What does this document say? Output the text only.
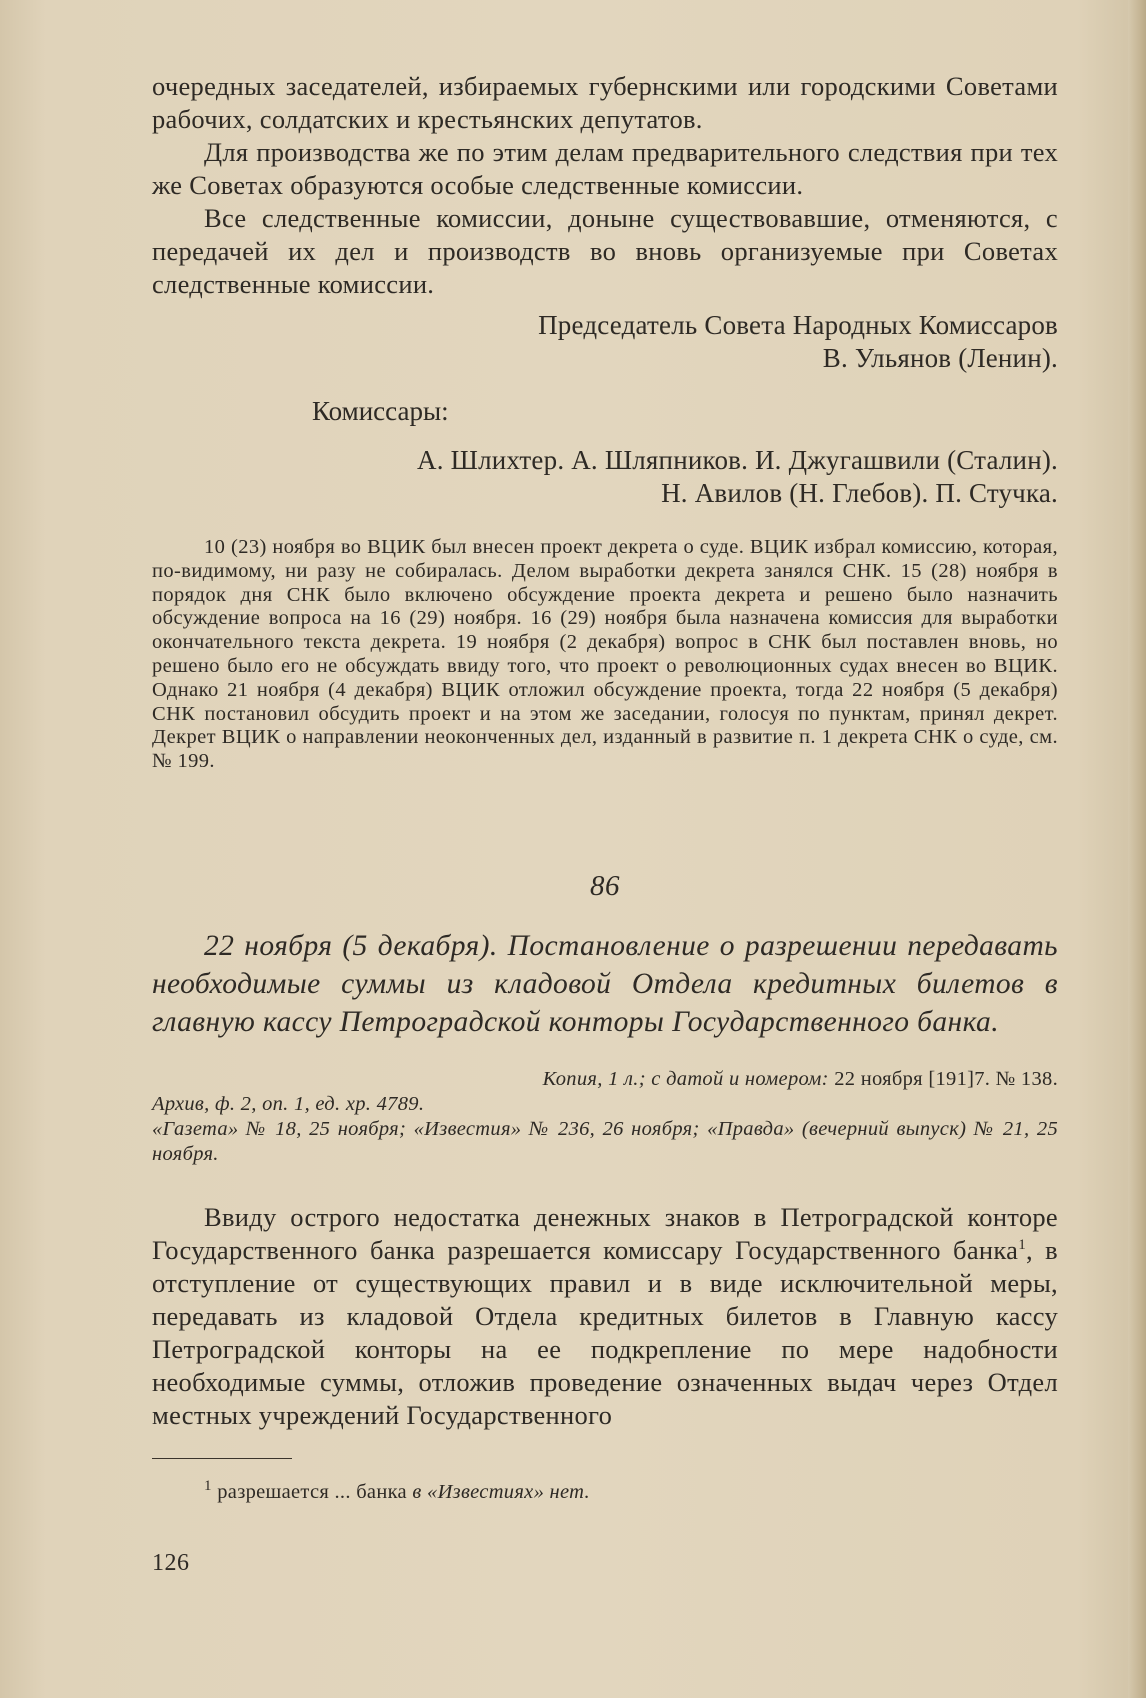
очередных заседателей, избираемых губернскими или городскими Советами рабочих, солдатских и крестьянских депутатов.

Для производства же по этим делам предварительного следствия при тех же Советах образуются особые следственные комиссии.

Все следственные комиссии, доныне существовавшие, отменяются, с передачей их дел и производств во вновь организуемые при Советах следственные комиссии.

Председатель Совета Народных Комиссаров

В. Ульянов (Ленин).

Комиссары:

А. Шлихтер. А. Шляпников. И. Джугашвили (Сталин).

Н. Авилов (Н. Глебов). П. Стучка.

10 (23) ноября во ВЦИК был внесен проект декрета о суде. ВЦИК избрал комиссию, которая, по-видимому, ни разу не собиралась. Делом выработки декрета занялся СНК. 15 (28) ноября в порядок дня СНК было включено обсуждение проекта декрета и решено было назначить обсуждение вопроса на 16 (29) ноября. 16 (29) ноября была назначена комиссия для выработки окончательного текста декрета. 19 ноября (2 декабря) вопрос в СНК был поставлен вновь, но решено было его не обсуждать ввиду того, что проект о революционных судах внесен во ВЦИК. Однако 21 ноября (4 декабря) ВЦИК отложил обсуждение проекта, тогда 22 ноября (5 декабря) СНК постановил обсудить проект и на этом же заседании, голосуя по пунктам, принял декрет. Декрет ВЦИК о направлении неоконченных дел, изданный в развитие п. 1 декрета СНК о суде, см. № 199.

86

22 ноября (5 декабря). Постановление о разрешении передавать необходимые суммы из кладовой Отдела кредитных билетов в главную кассу Петроградской конторы Государственного банка.

Копия, 1 л.; с датой и номером: 22 ноября [191]7. № 138.
Архив, ф. 2, оп. 1, ед. хр. 4789.
«Газета» № 18, 25 ноября; «Известия» № 236, 26 ноября; «Правда» (вечерний выпуск) № 21, 25 ноября.

Ввиду острого недостатка денежных знаков в Петроградской конторе Государственного банка разрешается комиссару Государственного банка$^1$, в отступление от существующих правил и в виде исключительной меры, передавать из кладовой Отдела кредитных билетов в Главную кассу Петроградской конторы на ее подкрепление по мере надобности необходимые суммы, отложив проведение означенных выдач через Отдел местных учреждений Государственного

$^1$ разрешается ... банка в «Известиях» нет.

126
